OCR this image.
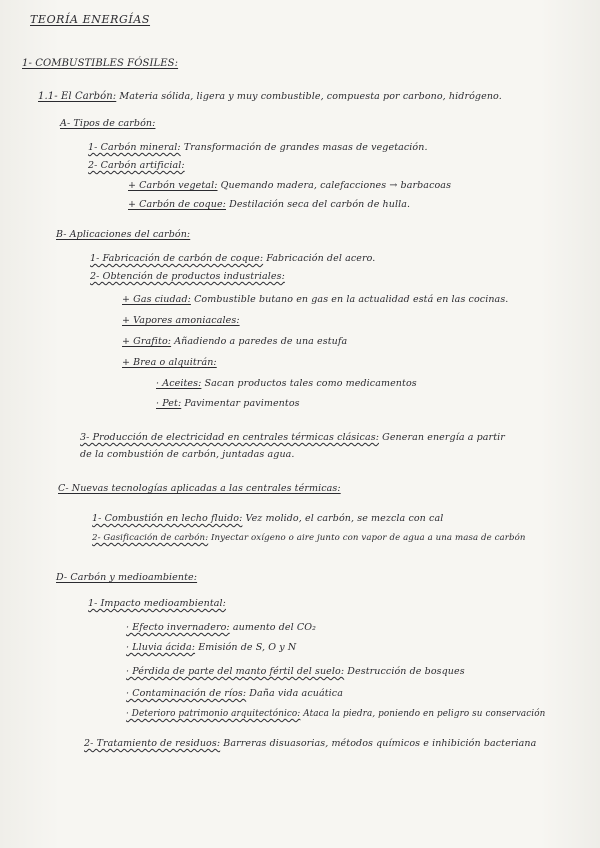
TEORÍA ENERGÍAS
1- COMBUSTIBLES FÓSILES:
1.1- El Carbón: Materia sólida, ligera y muy combustible, compuesta por carbono, hidrógeno.
A- Tipos de carbón:
1- Carbón mineral: Transformación de grandes masas de vegetación.
2- Carbón artificial:
+ Carbón vegetal: Quemando madera, calefacciones → barbacoas
+ Carbón de coque: Destilación seca del carbón de hulla.
B- Aplicaciones del carbón:
1- Fabricación de carbón de coque: Fabricación del acero.
2- Obtención de productos industriales:
+ Gas ciudad: Combustible butano en gas en la actualidad está en las cocinas.
+ Vapores amoniacales:
+ Grafito: Añadiendo a paredes de una estufa
+ Brea o alquitrán:
· Aceites: Sacan productos tales como medicamentos
· Pet: Pavimentar pavimentos
3- Producción de electricidad en centrales térmicas clásicas: Generan energía a partir
de la combustión de carbón, juntadas agua.
C- Nuevas tecnologías aplicadas a las centrales térmicas:
1- Combustión en lecho fluido: Vez molido, el carbón, se mezcla con cal
2- Gasificación de carbón: Inyectar oxígeno o aire junto con vapor de agua a una masa de carbón
D- Carbón y medioambiente:
1- Impacto medioambiental:
· Efecto invernadero: aumento del CO₂
· Lluvia ácida: Emisión de S, O y N
· Pérdida de parte del manto fértil del suelo: Destrucción de bosques
· Contaminación de ríos: Daña vida acuática
· Deterioro patrimonio arquitectónico: Ataca la piedra, poniendo en peligro su conservación
2- Tratamiento de residuos: Barreras disuasorias, métodos químicos e inhibición bacteriana
